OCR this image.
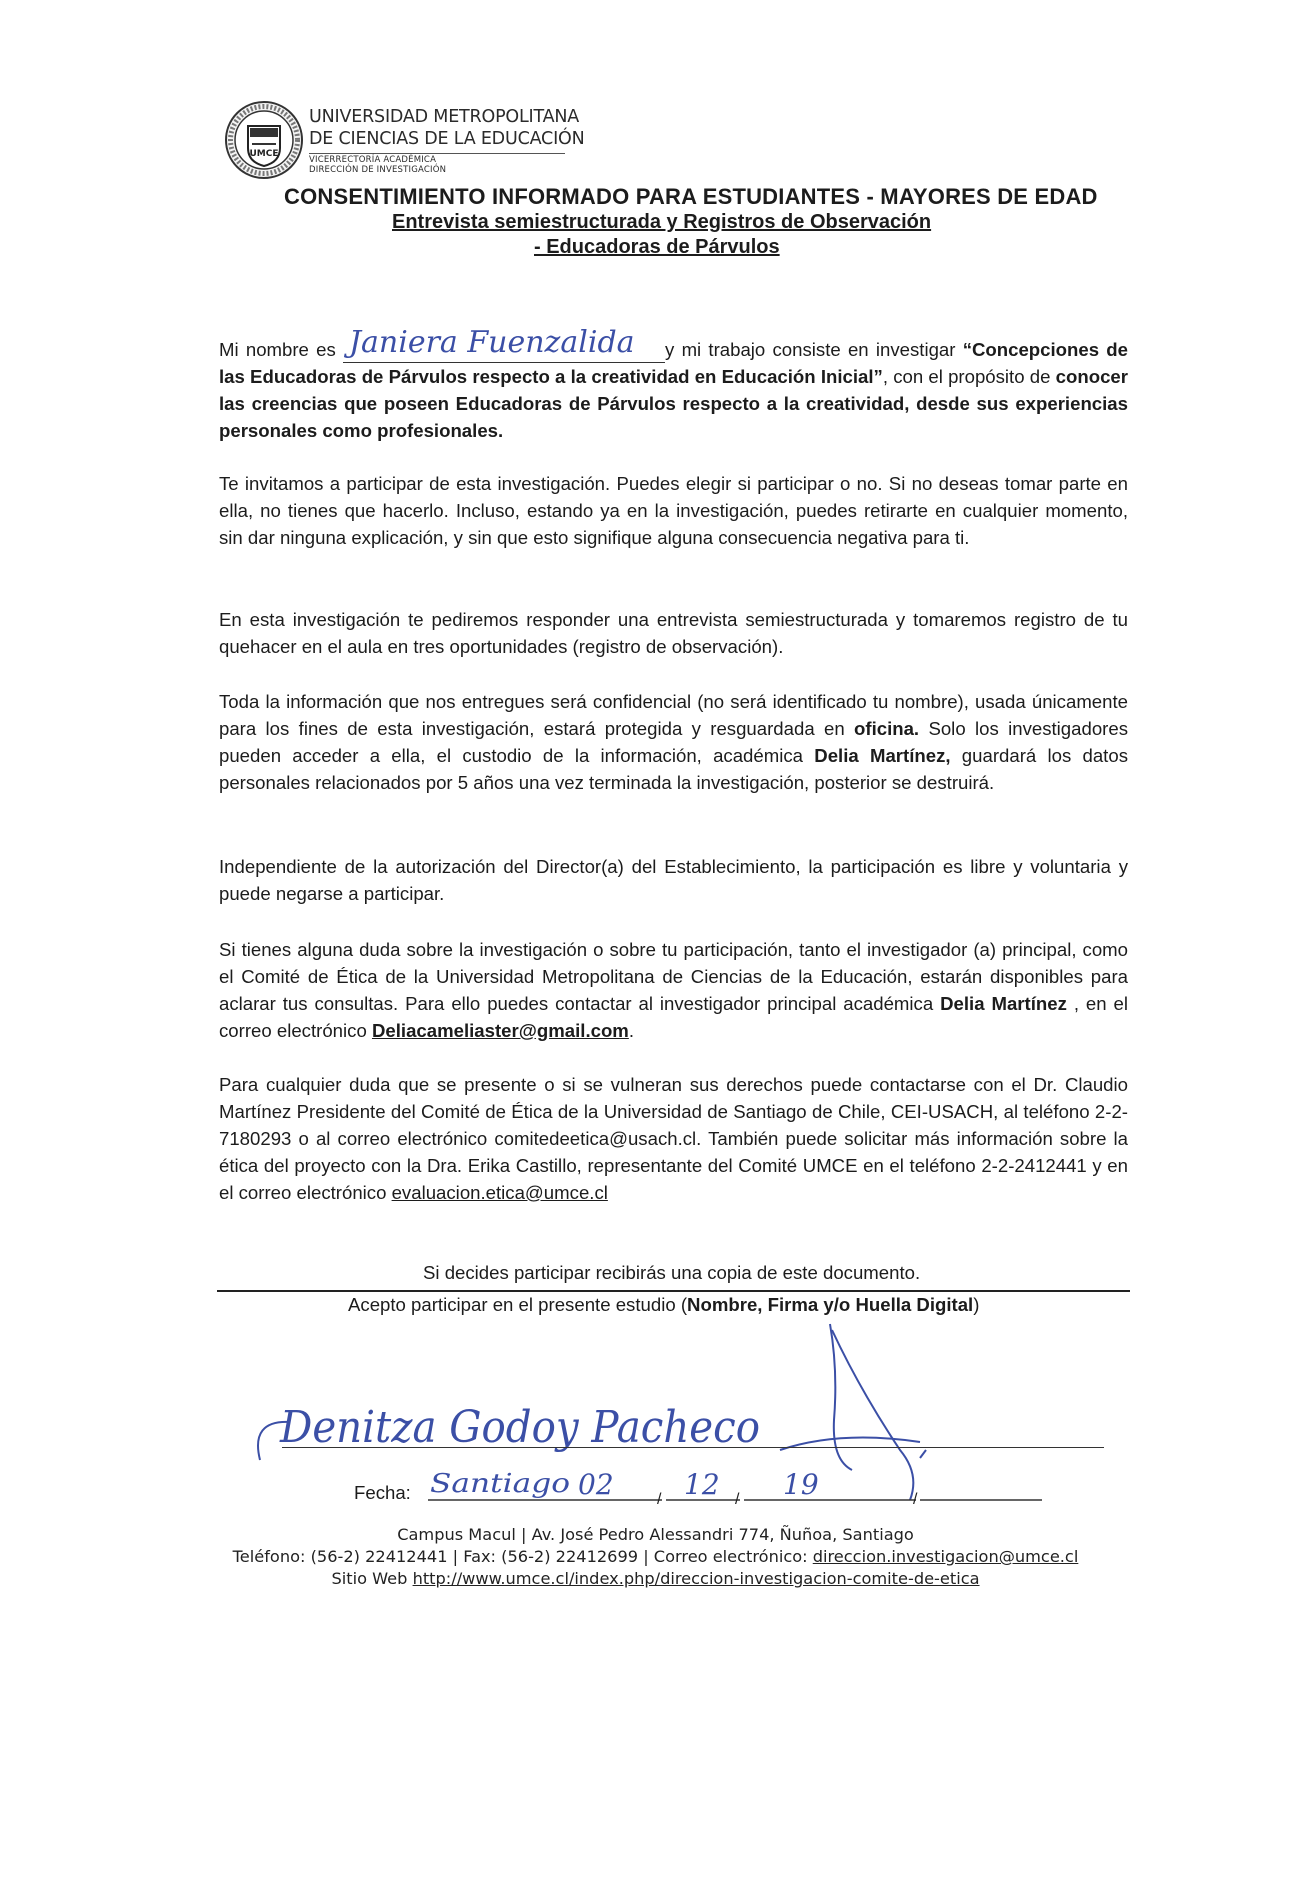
UMCE
UNIVERSIDAD METROPOLITANA
DE CIENCIAS DE LA EDUCACIÓN
VICERRECTORÍA ACADÉMICA
DIRECCIÓN DE INVESTIGACIÓN
CONSENTIMIENTO INFORMADO PARA ESTUDIANTES - MAYORES DE EDAD
Entrevista semiestructurada y Registros de Observación
- Educadoras de Párvulos
Mi nombre es Janiera Fuenzalida y mi trabajo consiste en investigar “Concepciones de las Educadoras de Párvulos respecto a la creatividad en Educación Inicial”, con el propósito de conocer las creencias que poseen Educadoras de Párvulos respecto a la creatividad, desde sus experiencias personales como profesionales.
Te invitamos a participar de esta investigación. Puedes elegir si participar o no. Si no deseas tomar parte en ella, no tienes que hacerlo. Incluso, estando ya en la investigación, puedes retirarte en cualquier momento, sin dar ninguna explicación, y sin que esto signifique alguna consecuencia negativa para ti.
En esta investigación te pediremos responder una entrevista semiestructurada y tomaremos registro de tu quehacer en el aula en tres oportunidades (registro de observación).
Toda la información que nos entregues será confidencial (no será identificado tu nombre), usada únicamente para los fines de esta investigación, estará protegida y resguardada en oficina. Solo los investigadores pueden acceder a ella, el custodio de la información, académica Delia Martínez, guardará los datos personales relacionados por 5 años una vez terminada la investigación, posterior se destruirá.
Independiente de la autorización del Director(a) del Establecimiento, la participación es libre y voluntaria y puede negarse a participar.
Si tienes alguna duda sobre la investigación o sobre tu participación, tanto el investigador (a) principal, como el Comité de Ética de la Universidad Metropolitana de Ciencias de la Educación, estarán disponibles para aclarar tus consultas. Para ello puedes contactar al investigador principal académica Delia Martínez , en el correo electrónico Deliacameliaster@gmail.com.
Para cualquier duda que se presente o si se vulneran sus derechos puede contactarse con el Dr. Claudio Martínez Presidente del Comité de Ética de la Universidad de Santiago de Chile, CEI-USACH, al teléfono 2-2-7180293 o al correo electrónico comitedeetica@usach.cl. También puede solicitar más información sobre la ética del proyecto con la Dra. Erika Castillo, representante del Comité UMCE en el teléfono 2-2-2412441 y en el correo electrónico evaluacion.etica@umce.cl
Si decides participar recibirás una copia de este documento.
Acepto participar en el presente estudio (Nombre, Firma y/o Huella Digital)
Denitza Godoy Pacheco
Fecha:	/	/	/
Santiago 02	12 19
Campus Macul | Av. José Pedro Alessandri 774, Ñuñoa, Santiago
Teléfono: (56-2) 22412441 | Fax: (56-2) 22412699 | Correo electrónico: direccion.investigacion@umce.cl
Sitio Web http://www.umce.cl/index.php/direccion-investigacion-comite-de-etica
